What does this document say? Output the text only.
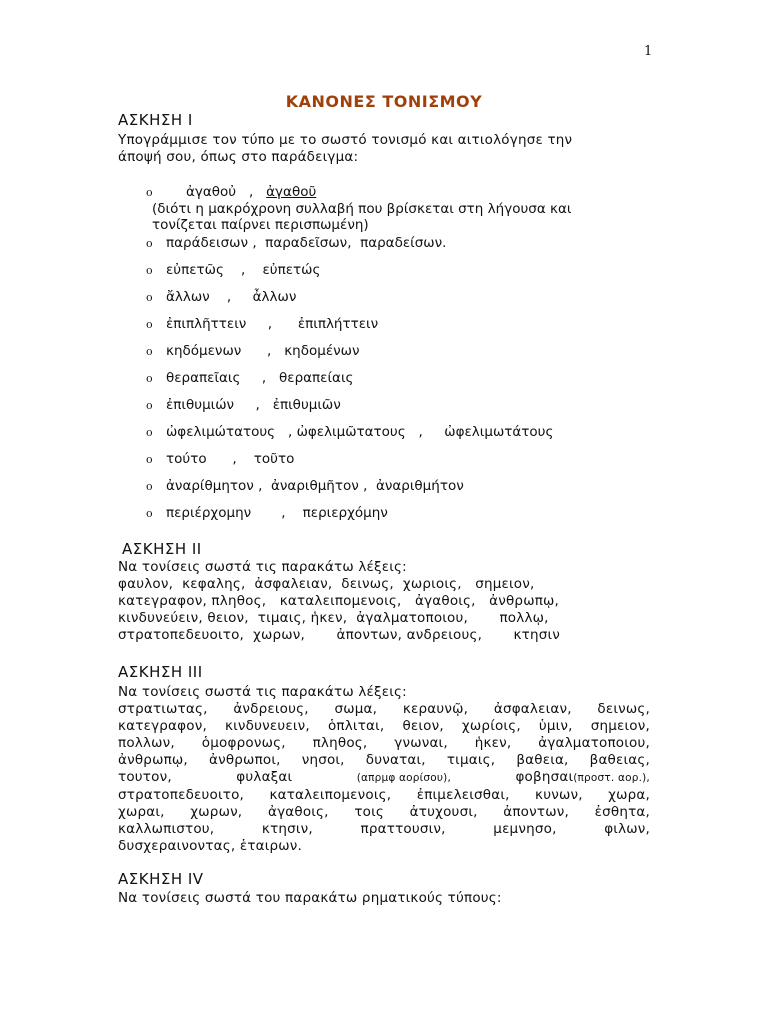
1
ΚΑΝΟΝΕΣ ΤΟΝΙΣΜΟΥ
ΑΣΚΗΣΗ Ι
Υπογράμμισε τον τύπο με το σωστό τονισμό και αιτιολόγησε την
άποψή σου, όπως στο παράδειγμα:
o ἀγαθοὐ   ,   ἀγαθοῦ
(διότι η μακρόχρονη συλλαβή που βρίσκεται στη λήγουσα και
τονίζεται παίρνει περισπωμένη)
o παράδεισων ,  παραδεῖσων,  παραδείσων.
o εὐπετῶς    ,    εὐπετώς
o ἄλλων    ,     ἆλλων
o ἐπιπλῆττειν     ,      ἐπιπλήττειν
o κηδόμενων      ,   κηδομένων
o θεραπεῖαις     ,   θεραπείαις
o ἐπιθυμιών     ,   ἐπιθυμιῶν
o ὠφελιμώτατους   , ὠφελιμῶτατους   ,     ὠφελιμωτάτους
o τούτο      ,    τοῦτο
o ἀναρίθμητον ,  ἀναριθμῆτον ,  ἀναριθμήτον
o περιέρχομην       ,    περιερχόμην
ΑΣΚΗΣΗ ΙΙ
Να τονίσεις σωστά τις παρακάτω λέξεις:
φαυλον,  κεφαλης,  ἀσφαλειαν,  δεινως,  χωριοις,   σημειον,
κατεγραφον, πληθος,   καταλειπομενοις,   ἀγαθοις,   ἀνθρωπῳ,
κινδυνεύειν, θειον,  τιμαις, ἡκεν,  ἀγαλματοποιου,       πολλῳ,
στρατοπεδευοιτο,  χωρων,       ἀποντων, ανδρειους,       κτησιν
ΑΣΚΗΣΗ ΙΙΙ
Να τονίσεις σωστά τις παρακάτω λέξεις:
στρατιωτας, ἀνδρειους, σωμα, κεραυνῷ, ἀσφαλειαν, δεινως,
κατεγραφον, κινδυνευειν, ὁπλιται, θειον, χωρίοις, ὑμιν, σημειον,
πολλων, ὁμοφρονως, πληθος, γνωναι, ἡκεν, ἀγαλματοποιου,
ἀνθρωπῳ, ἀνθρωποι, νησοι, δυναται, τιμαις, βαθεια, βαθειας,
τουτον,	φυλαξαι	(απρμφ αορίσου),	φοβησαι(προστ. αορ.),
στρατοπεδευοιτο, καταλειπομενοις, ἐπιμελεισθαι, κυνων, χωρα,
χωραι, χωρων, ἀγαθοις, τοις ἀτυχουσι, ἀποντων, ἐσθητα,
καλλωπιστου, κτησιν, πραττουσιν, μεμνησο, φιλων,
δυσχεραινοντας, ἑταιρων.
ΑΣΚΗΣΗ ΙV
Να τονίσεις σωστά του παρακάτω ρηματικούς τύπους:
